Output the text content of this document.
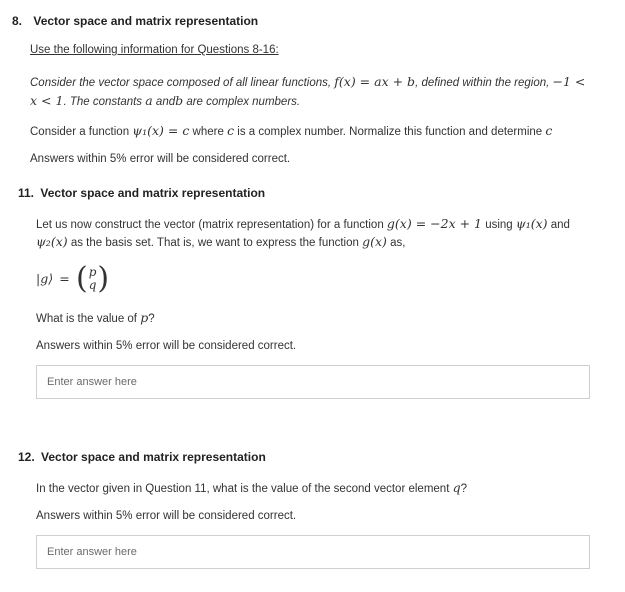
8. Vector space and matrix representation
Use the following information for Questions 8-16:
Consider the vector space composed of all linear functions, f(x) = ax + b, defined within the region, −1 <
x < 1. The constants a andb are complex numbers.
Consider a function ψ₁(x) = c where c is a complex number. Normalize this function and determine c
Answers within 5% error will be considered correct.
11. Vector space and matrix representation
Let us now construct the vector (matrix representation) for a function g(x) = −2x + 1 using ψ₁(x) and
ψ₂(x) as the basis set. That is, we want to express the function g(x) as,
|g⟩ = (p
q)
What is the value of p?
Answers within 5% error will be considered correct.
Enter answer here
12. Vector space and matrix representation
In the vector given in Question 11, what is the value of the second vector element q?
Answers within 5% error will be considered correct.
Enter answer here
